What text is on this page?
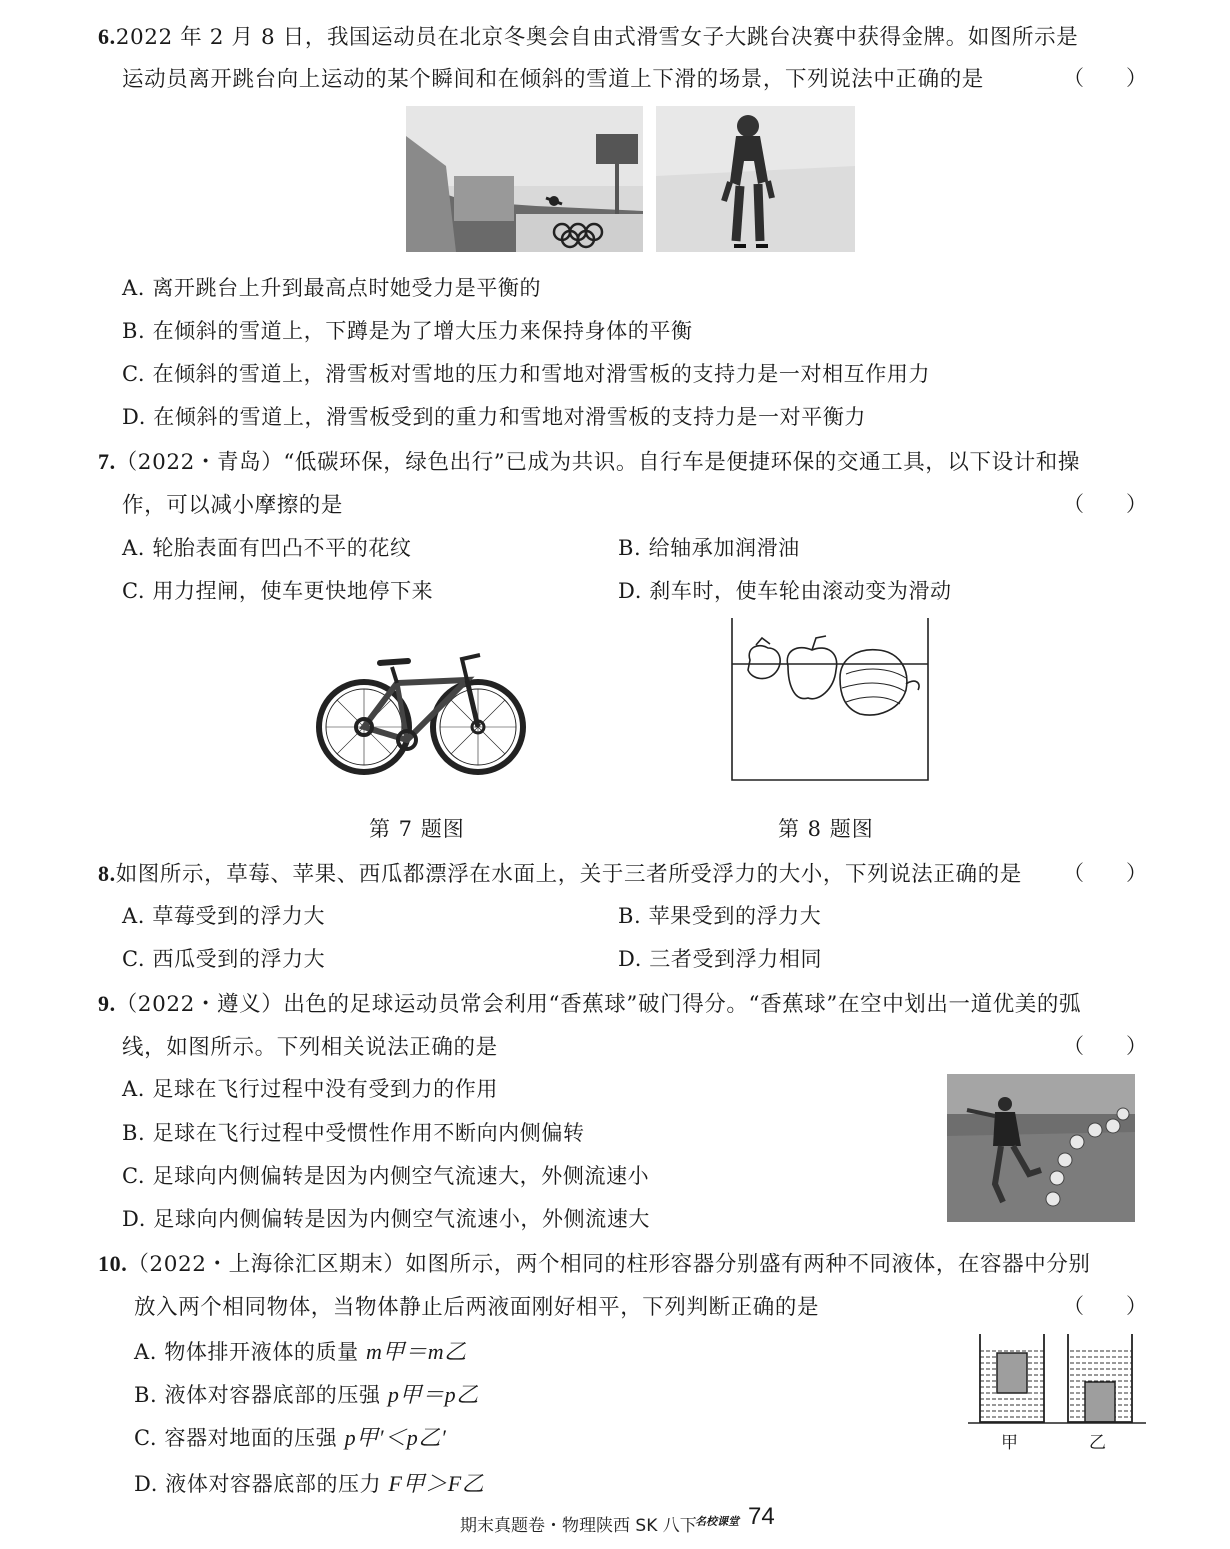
6.2022 年 2 月 8 日，我国运动员在北京冬奥会自由式滑雪女子大跳台决赛中获得金牌。如图所示是
运动员离开跳台向上运动的某个瞬间和在倾斜的雪道上下滑的场景，下列说法中正确的是	（　　）
A. 离开跳台上升到最高点时她受力是平衡的
B. 在倾斜的雪道上，下蹲是为了增大压力来保持身体的平衡
C. 在倾斜的雪道上，滑雪板对雪地的压力和雪地对滑雪板的支持力是一对相互作用力
D. 在倾斜的雪道上，滑雪板受到的重力和雪地对滑雪板的支持力是一对平衡力
7.（2022・青岛）“低碳环保，绿色出行”已成为共识。自行车是便捷环保的交通工具，以下设计和操
作，可以减小摩擦的是	（　　）
A. 轮胎表面有凹凸不平的花纹	B. 给轴承加润滑油
C. 用力捏闸，使车更快地停下来	D. 刹车时，使车轮由滚动变为滑动
第 7 题图	第 8 题图
8.如图所示，草莓、苹果、西瓜都漂浮在水面上，关于三者所受浮力的大小，下列说法正确的是 （　　）
A. 草莓受到的浮力大	B. 苹果受到的浮力大
C. 西瓜受到的浮力大	D. 三者受到浮力相同
9.（2022・遵义）出色的足球运动员常会利用“香蕉球”破门得分。“香蕉球”在空中划出一道优美的弧
线，如图所示。下列相关说法正确的是	（　　）
A. 足球在飞行过程中没有受到力的作用
B. 足球在飞行过程中受惯性作用不断向内侧偏转
C. 足球向内侧偏转是因为内侧空气流速大，外侧流速小
D. 足球向内侧偏转是因为内侧空气流速小，外侧流速大
10.（2022・上海徐汇区期末）如图所示，两个相同的柱形容器分别盛有两种不同液体，在容器中分别
放入两个相同物体，当物体静止后两液面刚好相平，下列判断正确的是	（　　）
A. 物体排开液体的质量 m甲＝m乙
B. 液体对容器底部的压强 p甲＝p乙
C. 容器对地面的压强 p甲′＜p乙′
D. 液体对容器底部的压力 F甲＞F乙
甲	乙
期末真题卷・物理陕西 SK 八下
名校课堂 74
